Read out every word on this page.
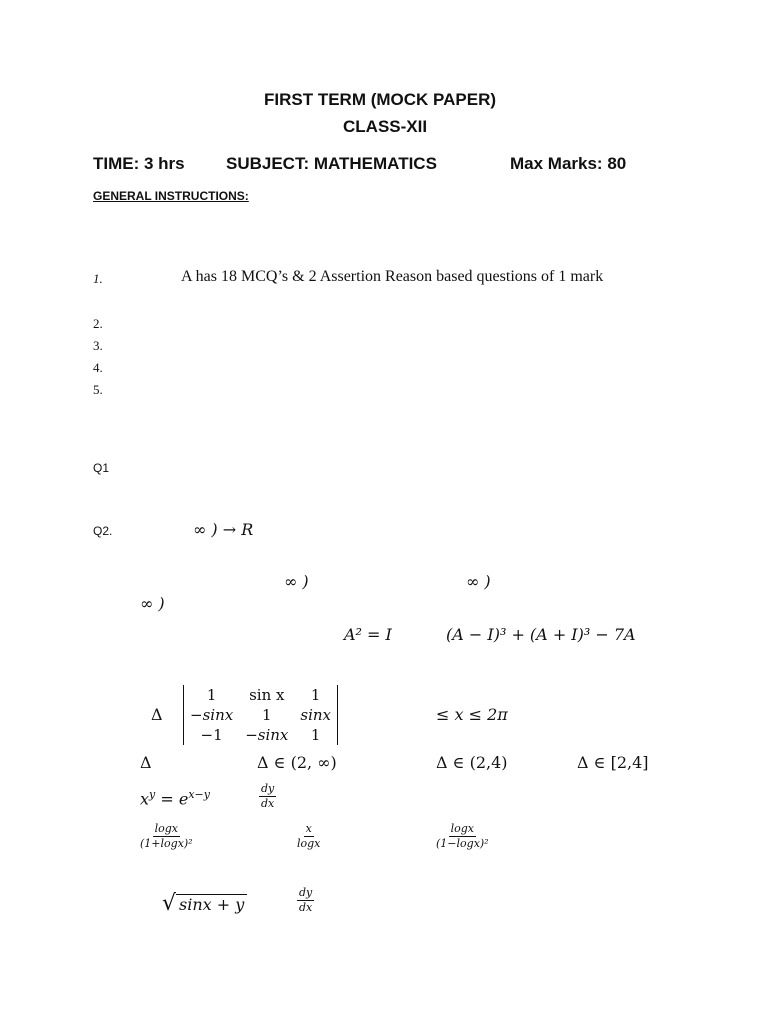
FIRST TERM (MOCK PAPER)
CLASS-XII
TIME: 3 hrs SUBJECT: MATHEMATICS	Max Marks: 80
GENERAL INSTRUCTIONS:
1.	A has 18 MCQ’s & 2 Assertion Reason based questions of 1 mark
2.
3.
4.
5.
Q1
Q2.	∞ ) → R
∞ )	∞ )
∞ )
A² = I	(A − I)³ + (A + I)³ − 7A
Δ
1	sin x	1
−sinx	1	sinx
−1	−sinx	1
≤ x ≤ 2π
Δ	Δ ∈ (2, ∞)	Δ ∈ (2,4)	Δ ∈ [2,4]
$x^y = e^{x-y}$	$\frac{dy}{dx}$
$\frac{\log x}{\text{(1+logx)²}}$	$\frac{x}{\log x}$	$\frac{\log x}{\text{(1−logx)²}}$
√ sinx + y	$\frac{dy}{dx}$
